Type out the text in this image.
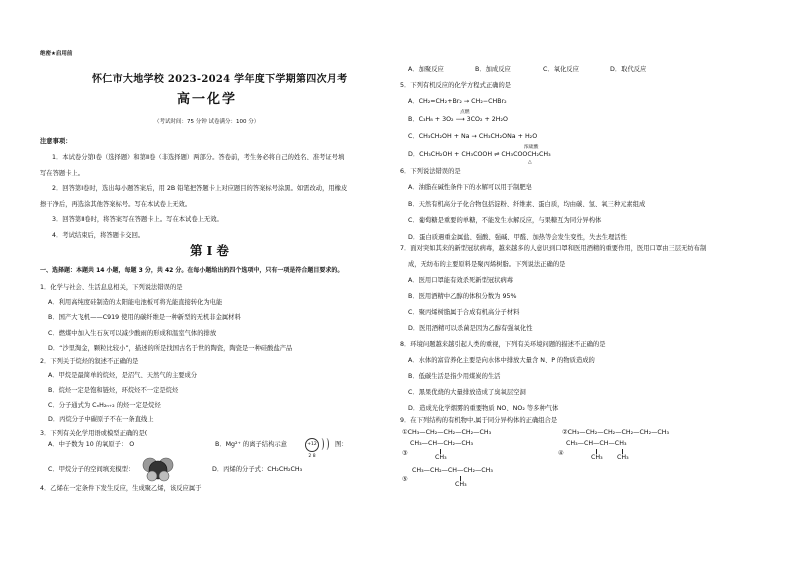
绝密★启用前
怀仁市大地学校 2023-2024 学年度下学期第四次月考
高一化学
（考试时间：75 分钟 试卷满分：100 分）
注意事项：
1．本试卷分第Ⅰ卷（选择题）和第Ⅱ卷（非选择题）两部分。答卷前，考生务必将自己的姓名、准考证号填
写在答题卡上。
2．回答第Ⅰ卷时，选出每小题答案后，用 2B 铅笔把答题卡上对应题目的答案标号涂黑。如需改动，用橡皮
擦干净后，再选涂其他答案标号。写在本试卷上无效。
3．回答第Ⅱ卷时，将答案写在答题卡上。写在本试卷上无效。
4．考试结束后，将答题卡交回。
第Ⅰ卷
一、选择题：本题共 14 小题，每题 3 分，共 42 分。在每小题给出的四个选项中，只有一项是符合题目要求的。
1．化学与社会、生活息息相关，下列说法错误的是
A．利用高纯度硅制造的太阳能电池板可将光能直接转化为电能
B．国产大飞机——C919 使用的碳纤维是一种新型的无机非金属材料
C．燃煤中加入生石灰可以减少酸雨的形成和温室气体的排放
D．“沙里淘金，颗粒比较小”，描述的所是找国古名于世的陶瓷，陶瓷是一种硅酸盐产品
2．下列关于烷烃的叙述不正确的是
A．甲烷是最简单的烷烃，是沼气、天然气的主要成分
B．烷烃一定是饱和链烃，环烷烃不一定是烷烃
C．分子通式为 CₙH₂ₙ₊₂ 的烃一定是烷烃
D．丙烷分子中碳原子不在一条直线上
3．下列有关化学用语或模型正确的是(
A．中子数为 10 的氧原子： O	B．Mg²⁺ 的离子结构示意	+12 2 8
图：
C．甲烷分子的空间填充模型：	D．丙烯的分子式：CH₂CH₂CH₃
4．乙烯在一定条件下发生反应，生成聚乙烯，该反应属于
A．加聚反应	B．加成反应	C．氧化反应	D．取代反应
5．下列有机反应的化学方程式正确的是
A．CH₂=CH₂+Br₂ → CH₂−CHBr₂
点燃
B．C₃H₈ + 3O₂ ⟶ 3CO₂ + 2H₂O
C．CH₃CH₂OH + Na → CH₃CH₂ONa + H₂O
浓硫酸
D．CH₃CH₂OH + CH₃COOH ⇌ CH₃COOCH₂CH₃
△
6．下列说法错误的是
A．油脂在碱性条件下的水解可以用于制肥皂
B．天然有机高分子化合物包括淀粉、纤维素、蛋白质，均由碳、氢、氧三种元素组成
C．葡萄糖是重要的单糖，不能发生水解反应，与果糖互为同分异构体
D．蛋白质遇重金属盐、强酸、强碱、甲醛、加热等会发生变性，失去生理活性
7．面对突如其来的新型冠状病毒，越来越多的人意识到口罩和医用酒精的重要作用，医用口罩由三层无纺布制
成，无纺布的主要原料是聚丙烯树脂。下列说法正确的是
A．医用口罩能有效杀死新型冠状病毒
B．医用酒精中乙醇的体积分数为 95%
C．聚丙烯树脂属于合成有机高分子材料
D．医用酒精可以杀菌是因为乙醇有强氧化性
8．环境问题越来越引起人类的重视，下列有关环境问题的描述不正确的是
A．水体的富营养化主要是向水体中排放大量含 N、P 的物质造成的
B．低碳生活是指少用煤炭的生活
C．黑果优烧的大量排放造成了臭氧层空洞
D．造成光化学烟雾的重要物质 NO、NO₂ 等多种气体
9．在下列结构的有机物中,属于同分异构体的正确组合是
①CH₃—CH₂—CH₂—CH₂—CH₃	②CH₃—CH₂—CH₂—CH₂—CH₂—CH₃
③
CH₃—CH—CH₂—CH₃
CH₃
④
CH₃—CH—CH—CH₃
CH₃ CH₃
⑤
CH₃—CH₂—CH—CH₂—CH₃
CH₃
